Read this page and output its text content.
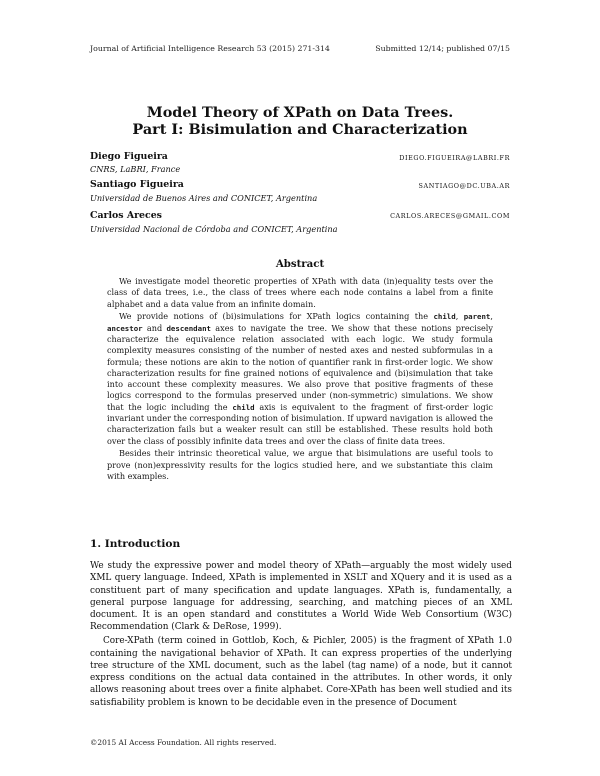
Journal of Artificial Intelligence Research 53 (2015) 271-314	Submitted 12/14; published 07/15
Model Theory of XPath on Data Trees.
Part I: Bisimulation and Characterization
Diego Figueira	DIEGO.FIGUEIRA@LABRI.FR
CNRS, LaBRI, France
Santiago Figueira	SANTIAGO@DC.UBA.AR
Universidad de Buenos Aires and CONICET, Argentina
Carlos Areces	CARLOS.ARECES@GMAIL.COM
Universidad Nacional de Córdoba and CONICET, Argentina
Abstract

We investigate model theoretic properties of XPath with data (in)equality tests over the class of data trees, i.e., the class of trees where each node contains a label from a finite alphabet and a data value from an infinite domain.

We provide notions of (bi)simulations for XPath logics containing the child, parent, ancestor and descendant axes to navigate the tree. We show that these notions precisely characterize the equivalence relation associated with each logic. We study formula complexity measures consisting of the number of nested axes and nested subformulas in a formula; these notions are akin to the notion of quantifier rank in first-order logic. We show characterization results for fine grained notions of equivalence and (bi)simulation that take into account these complexity measures. We also prove that positive fragments of these logics correspond to the formulas preserved under (non-symmetric) simulations. We show that the logic including the child axis is equivalent to the fragment of first-order logic invariant under the corresponding notion of bisimulation. If upward navigation is allowed the characterization fails but a weaker result can still be established. These results hold both over the class of possibly infinite data trees and over the class of finite data trees.

Besides their intrinsic theoretical value, we argue that bisimulations are useful tools to prove (non)expressivity results for the logics studied here, and we substantiate this claim with examples.

1. Introduction

We study the expressive power and model theory of XPath—arguably the most widely used XML query language. Indeed, XPath is implemented in XSLT and XQuery and it is used as a constituent part of many specification and update languages. XPath is, fundamentally, a general purpose language for addressing, searching, and matching pieces of an XML document. It is an open standard and constitutes a World Wide Web Consortium (W3C) Recommendation (Clark & DeRose, 1999).

Core-XPath (term coined in Gottlob, Koch, & Pichler, 2005) is the fragment of XPath 1.0 containing the navigational behavior of XPath. It can express properties of the underlying tree structure of the XML document, such as the label (tag name) of a node, but it cannot express conditions on the actual data contained in the attributes. In other words, it only allows reasoning about trees over a finite alphabet. Core-XPath has been well studied and its satisfiability problem is known to be decidable even in the presence of Document

©2015 AI Access Foundation. All rights reserved.
